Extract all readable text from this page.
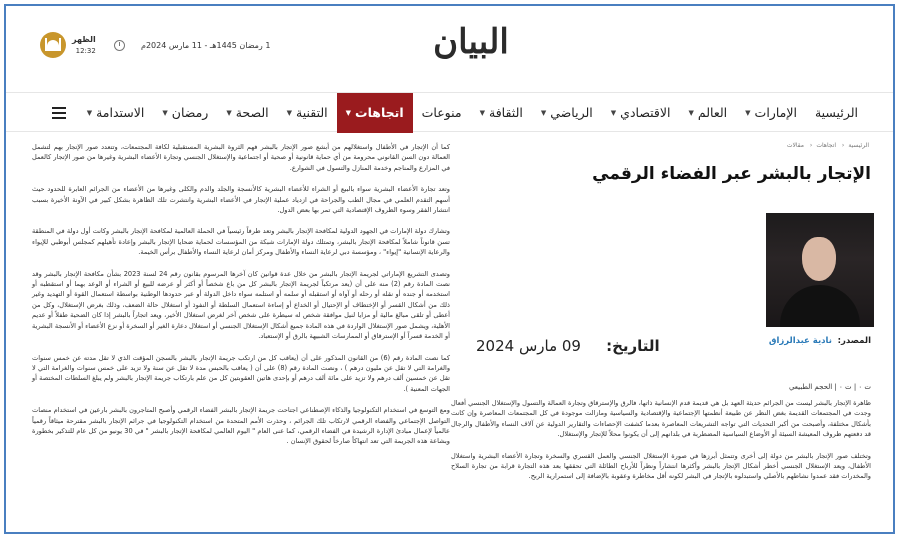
البيان
1 رمضان 1445هـ - 11 مارس 2024م
الظهر
12:32
الرئيسية
الإمارات
▼
العالم
▼
الاقتصادي
▼
الرياضي
▼
الثقافة
▼
منوعات
اتجاهات
▼
التقنية
▼
الصحة
▼
رمضان
▼
الاستدامة
▼
الرئيسية‹ اتجاهات‹ مقالات
الإتجار بالبشر عبر الفضاء الرقمي
المصدر: نادية عبدالرزاق
التاريخ: 09 مارس 2024
ت ٠ | ت ٠ | الحجم الطبيعي

ظاهرة الإتجار بالبشر ليست من الجرائم حديثة العهد بل هي قديمة قدم الإنسانية ذاتها، فالرق والإسترقاق وتجارة العمالة والتسول والإستغلال الجنسي أفعال وجدت في المجتمعات القديمة بغض النظر عن طبيعة أنظمتها الإجتماعية والإقتصادية والسياسية ومازالت موجودة في كل المجتمعات المعاصرة وإن كانت بأشكال مختلفة، وأصبحت من أكبر التحديات التي تواجه التشريعات المعاصرة بعدما كشفت الإحصاءات والتقارير الدولية عن آلاف النساء والأطفال والرجال قد دفعتهم ظروف المعيشة السيئة أو الأوضاع السياسية المضطربة في بلدانهم إلى أن يكونوا محلاً للإتجار والإستغلال.

وتختلف صور الإتجار بالبشر من دولة إلى أخرى وتتمثل أبرزها في صورة الإستغلال الجنسي والعمل القسري والسخرة وتجارة الأعضاء البشرية واستغلال الأطفال، ويعد الإستغلال الجنسي أخطر أشكال الإتجار بالبشر وأكثرها انتشاراً ونظراً للأرباح الطائلة التي تحققها بعد هذه التجارة قرابة من تجارة السلاح والمخدرات فقد عمدوا نشاطهم بالأصلي واستبدلوه بالإتجار في البشر لكونه أقل مخاطرة وعقوبة بالإضافة إلى استمرارية الربح.

كما أن الإتجار في الأطفال واستغلالهم من أبشع صور الإتجار بالبشر فهم الثروة البشرية المستقبلية لكافة المجتمعات، وتتعدد صور الإتجار بهم لتشمل العمالة دون السن القانوني محرومة من أي حماية قانونية أو صحية أو اجتماعية والإستغلال الجنسي وتجارة الأعضاء البشرية وغيرها من صور الإتجار كالعمل في المزارع والمناجم وخدمة المنازل والتسول في الشوارع.

وتعد تجارة الأعضاء البشرية سواء بالبيع أو الشراء للأعضاء البشرية كالأنسجة والجلد والدم والكلى وغيرها من الأعضاء من الجرائم العابرة للحدود حيث أسهم التقدم العلمي في مجال الطب والجراحة في ازدياد عملية الإتجار في الأعضاء البشرية وانتشرت تلك الظاهرة بشكل كبير في الآونة الأخيرة بسبب انتشار الفقر وسوء الظروف الإقتصادية التي تمر بها بعض الدول.

وتشارك دولة الإمارات في الجهود الدولية لمكافحة الإتجار بالبشر وتعد طرفاً رئيسياً في الحملة العالمية لمكافحة الإتجار بالبشر وكانت أول دولة في المنطقة تسن قانوناً شاملاً لمكافحة الإتجار بالبشر، وتمتلك دولة الإمارات شبكة من المؤسسات لحماية ضحايا الإتجار بالبشر وإعادة تأهيلهم كمجلس أبوظبي للإيواء والرعاية الإنسانية "إيواء" ، ومؤسسة دبي لرعاية النساء والأطفال ومركز أمان لرعاية النساء والأطفال برأس الخيمة.

وتصدى التشريع الإماراتي لجريمة الإتجار بالبشر من خلال عدة قوانين كان آخرها المرسوم بقانون رقم 24 لسنة 2023 بشأن مكافحة الإتجار بالبشر وقد نصت المادة رقم (2) منه على أن (يعد مرتكباً لجريمة الإتجار بالبشر كل من باع شخصاً أو أكثر أو عرضه للبيع أو الشراء أو الوعد بهما أو استقطبه أو استخدمه أو جنده أو نقله أو رحله أو آواه أو استقبله أو سلمه أو استلمه سواء داخل الدولة أو عبر حدودها الوطنية بواسطة استعمال القوة أو التهديد وغير ذلك من أشكال القسر أو الإختطاف أو الإحتيال أو الخداع أو إساءة استعمال السلطة أو النفوذ أو استغلال حالة الضعف، وذلك بغرض الإستغلال، وكل من أعطى أو تلقى مبالغ مالية أو مزايا لنيل موافقة شخص له سيطرة على شخص آخر لغرض استغلال الأخير، ويعد اتجاراً بالبشر إذا كان الضحية طفلاً أو عديم الأهلية، ويشمل صور الإستغلال الواردة في هذه المادة جميع أشكال الإستغلال الجنسي أو استغلال دعارة الغير أو السخرة أو نزع الأعضاء أو الأنسجة البشرية أو الخدمة قسراً أو الإسترقاق أو الممارسات الشبيهة بالرق أو الإستعباد.

كما نصت المادة رقم (6) من القانون المذكور على أن (يعاقب كل من ارتكب جريمة الإتجار بالبشر بالسجن المؤقت الذي لا تقل مدته عن خمس سنوات والغرامة التي لا تقل عن مليون درهم ) ، ونصت المادة رقم (8) على أن ( يعاقب بالحبس مدة لا تقل عن سنة ولا تزيد على خمس سنوات والغرامة التي لا تقل عن خمسين ألف درهم ولا تزيد على مائة ألف درهم أو بإحدى هاتين العقوبتين كل من علم بارتكاب جريمة الإتجار بالبشر ولم يبلغ السلطات المختصة أو الجهات المعنية ).

ومع التوسع في استخدام التكنولوجيا والذكاء الإصطناعي اجتاحت جريمة الإتجار بالبشر الفضاء الرقمي وأصبح المتاجرون بالبشر بارعين في استخدام منصات التواصل الإجتماعي والفضاء الرقمي لارتكاب تلك الجرائم ، وحذرت الأمم المتحدة من استخدام التكنولوجيا في جرائم الإتجار بالبشر مقترحة ميثاقاً رقمياً عالمياً لإعمال مبادئ الإدارة الرشيدة في الفضاء الرقمي، كما عنى العام " اليوم العالمي لمكافحة الإتجار بالبشر " في 30 يونيو من كل عام للتذكير بخطورة وبشاعة هذه الجريمة التي تعد انتهاكاً صارخاً لحقوق الإنسان .
